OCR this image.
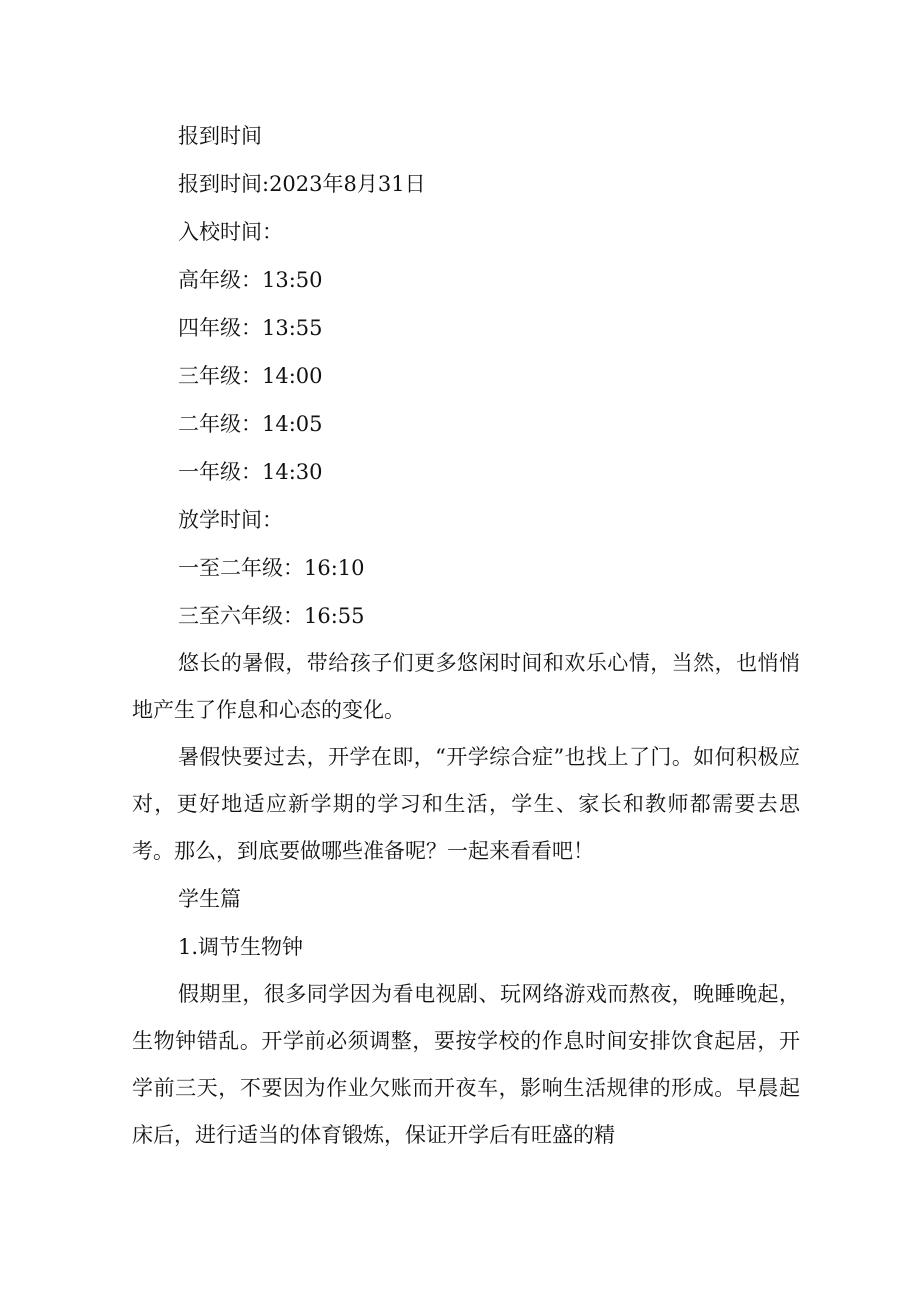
报到时间
报到时间:2023年8月31日
入校时间：
高年级：13:50
四年级：13:55
三年级：14:00
二年级：14:05
一年级：14:30
放学时间：
一至二年级：16:10
三至六年级：16:55

悠长的暑假，带给孩子们更多悠闲时间和欢乐心情，当然，也悄悄地产生了作息和心态的变化。

暑假快要过去，开学在即，“开学综合症”也找上了门。如何积极应对，更好地适应新学期的学习和生活，学生、家长和教师都需要去思考。那么，到底要做哪些准备呢？一起来看看吧！

学生篇
1.调节生物钟

假期里，很多同学因为看电视剧、玩网络游戏而熬夜，晚睡晚起，生物钟错乱。开学前必须调整，要按学校的作息时间安排饮食起居，开学前三天，不要因为作业欠账而开夜车，影响生活规律的形成。早晨起床后，进行适当的体育锻炼，保证开学后有旺盛的精
